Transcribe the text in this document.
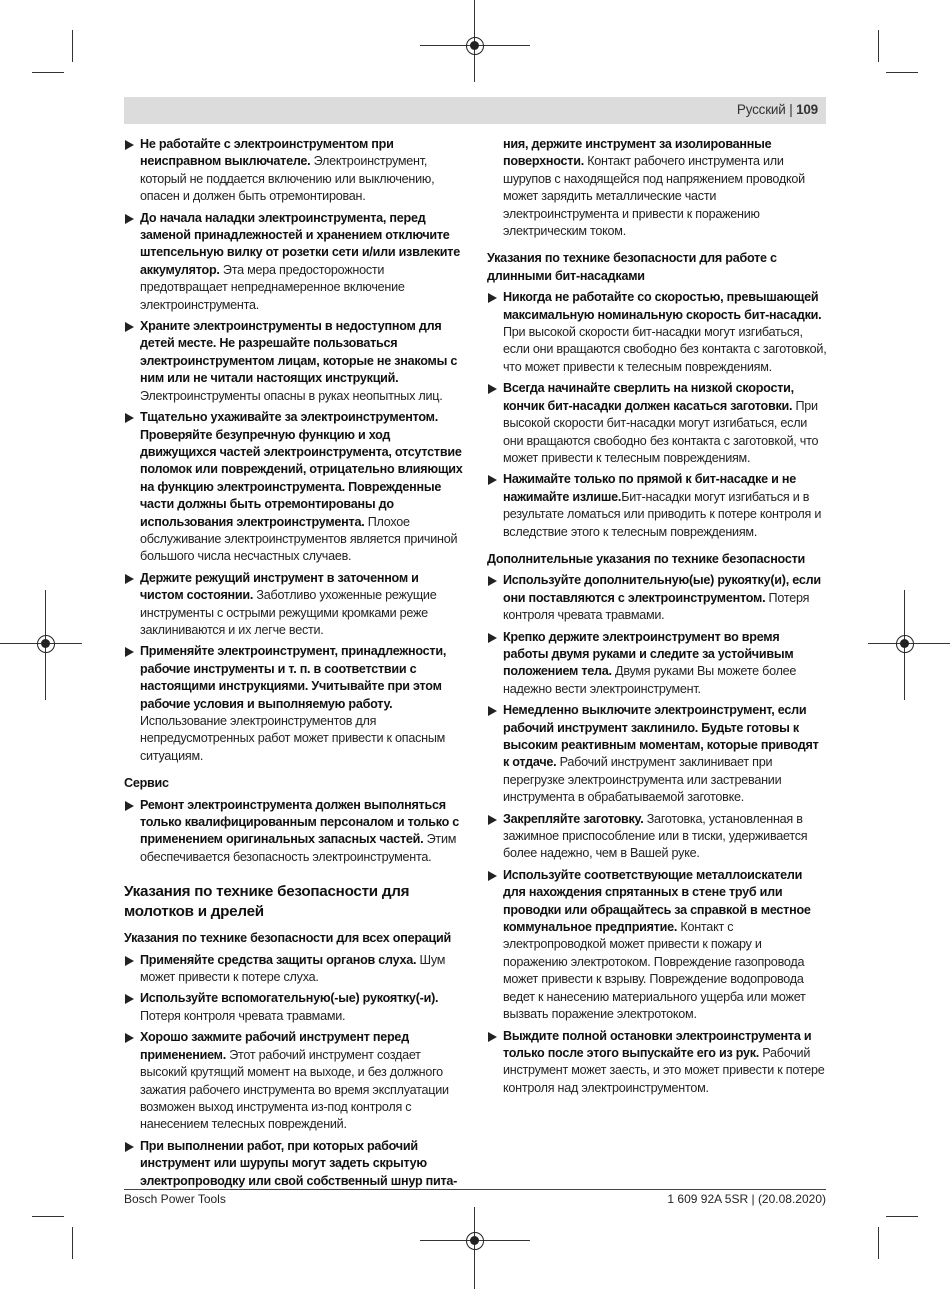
Русский | 109
Не работайте с электроинструментом при неисправном выключателе. Электроинструмент, который не поддается включению или выключению, опасен и должен быть отремонтирован.
До начала наладки электроинструмента, перед заменой принадлежностей и хранением отключите штепсельную вилку от розетки сети и/или извлеките аккумулятор. Эта мера предосторожности предотвращает непреднамеренное включение электроинструмента.
Храните электроинструменты в недоступном для детей месте. Не разрешайте пользоваться электроинструментом лицам, которые не знакомы с ним или не читали настоящих инструкций. Электроинструменты опасны в руках неопытных лиц.
Тщательно ухаживайте за электроинструментом. Проверяйте безупречную функцию и ход движущихся частей электроинструмента, отсутствие поломок или повреждений, отрицательно влияющих на функцию электроинструмента. Поврежденные части должны быть отремонтированы до использования электроинструмента. Плохое обслуживание электроинструментов является причиной большого числа несчастных случаев.
Держите режущий инструмент в заточенном и чистом состоянии. Заботливо ухоженные режущие инструменты с острыми режущими кромками реже заклиниваются и их легче вести.
Применяйте электроинструмент, принадлежности, рабочие инструменты и т. п. в соответствии с настоящими инструкциями. Учитывайте при этом рабочие условия и выполняемую работу. Использование электроинструментов для непредусмотренных работ может привести к опасным ситуациям.
Сервис
Ремонт электроинструмента должен выполняться только квалифицированным персоналом и только с применением оригинальных запасных частей. Этим обеспечивается безопасность электроинструмента.
Указания по технике безопасности для молотков и дрелей
Указания по технике безопасности для всех операций
Применяйте средства защиты органов слуха. Шум может привести к потере слуха.
Используйте вспомогательную(-ые) рукоятку(-и). Потеря контроля чревата травмами.
Хорошо зажмите рабочий инструмент перед применением. Этот рабочий инструмент создает высокий крутящий момент на выходе, и без должного зажатия рабочего инструмента во время эксплуатации возможен выход инструмента из-под контроля с нанесением телесных повреждений.
При выполнении работ, при которых рабочий инструмент или шурупы могут задеть скрытую электропроводку или свой собственный шнур пита-
ния, держите инструмент за изолированные поверхности. Контакт рабочего инструмента или шурупов с находящейся под напряжением проводкой может зарядить металлические части электроинструмента и привести к поражению электрическим током.
Указания по технике безопасности для работе с длинными бит-насадками
Никогда не работайте со скоростью, превышающей максимальную номинальную скорость бит-насадки. При высокой скорости бит-насадки могут изгибаться, если они вращаются свободно без контакта с заготовкой, что может привести к телесным повреждениям.
Всегда начинайте сверлить на низкой скорости, кончик бит-насадки должен касаться заготовки. При высокой скорости бит-насадки могут изгибаться, если они вращаются свободно без контакта с заготовкой, что может привести к телесным повреждениям.
Нажимайте только по прямой к бит-насадке и не нажимайте излише.Бит-насадки могут изгибаться и в результате ломаться или приводить к потере контроля и вследствие этого к телесным повреждениям.
Дополнительные указания по технике безопасности
Используйте дополнительную(ые) рукоятку(и), если они поставляются с электроинструментом. Потеря контроля чревата травмами.
Крепко держите электроинструмент во время работы двумя руками и следите за устойчивым положением тела. Двумя руками Вы можете более надежно вести электроинструмент.
Немедленно выключите электроинструмент, если рабочий инструмент заклинило. Будьте готовы к высоким реактивным моментам, которые приводят к отдаче. Рабочий инструмент заклинивает при перегрузке электроинструмента или застревании инструмента в обрабатываемой заготовке.
Закрепляйте заготовку. Заготовка, установленная в зажимное приспособление или в тиски, удерживается более надежно, чем в Вашей руке.
Используйте соответствующие металлоискатели для нахождения спрятанных в стене труб или проводки или обращайтесь за справкой в местное коммунальное предприятие. Контакт с электропроводкой может привести к пожару и поражению электротоком. Повреждение газопровода может привести к взрыву. Повреждение водопровода ведет к нанесению материального ущерба или может вызвать поражение электротоком.
Выждите полной остановки электроинструмента и только после этого выпускайте его из рук. Рабочий инструмент может заесть, и это может привести к потере контроля над электроинструментом.
Bosch Power Tools	1 609 92A 5SR | (20.08.2020)
